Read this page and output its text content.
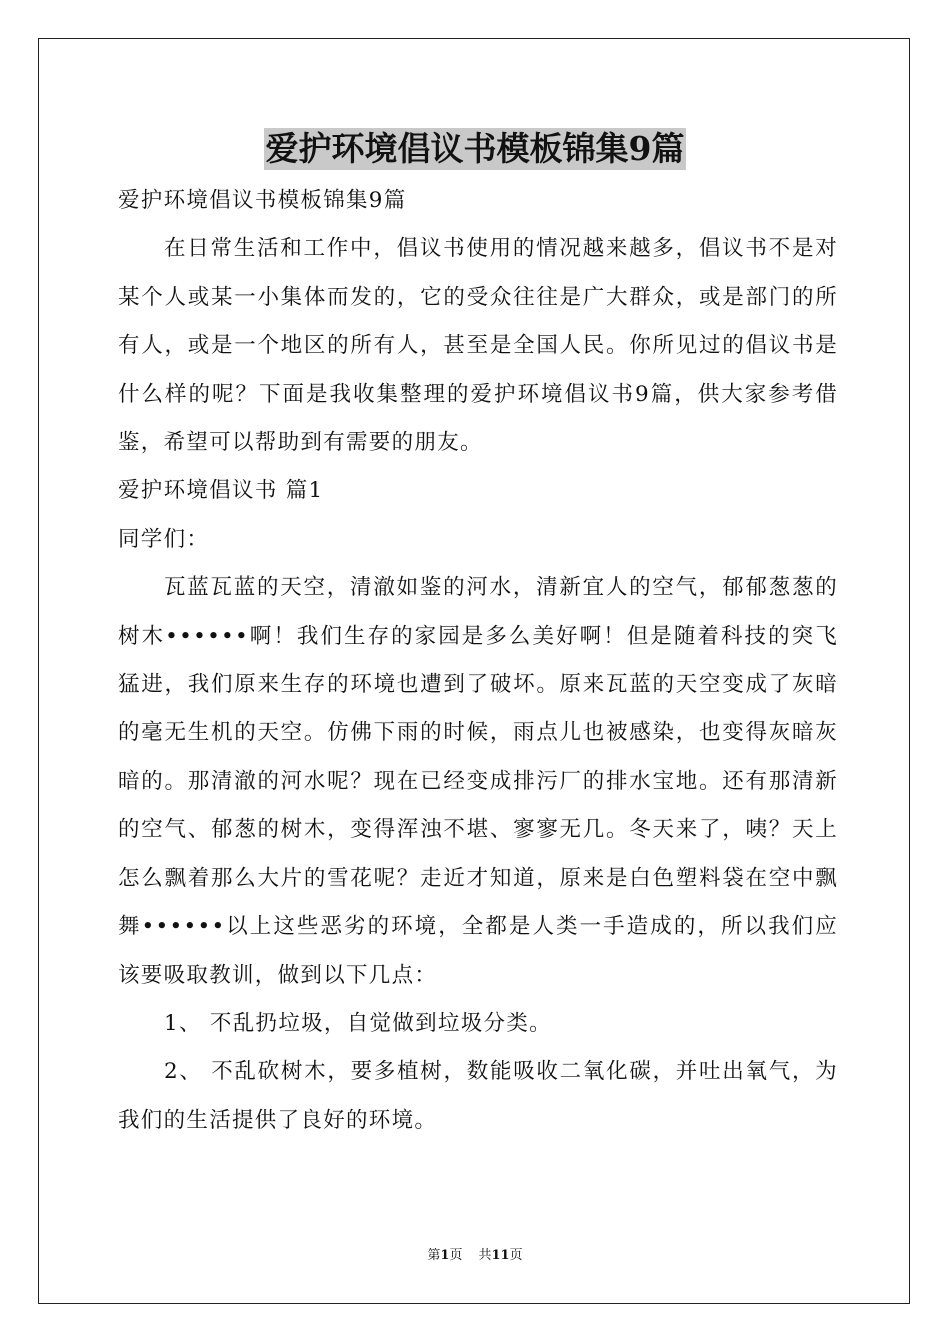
爱护环境倡议书模板锦集9篇

爱护环境倡议书模板锦集9篇

在日常生活和工作中，倡议书使用的情况越来越多，倡议书不是对某个人或某一小集体而发的，它的受众往往是广大群众，或是部门的所有人，或是一个地区的所有人，甚至是全国人民。你所见过的倡议书是什么样的呢？下面是我收集整理的爱护环境倡议书9篇，供大家参考借鉴，希望可以帮助到有需要的朋友。

爱护环境倡议书 篇1

同学们：

瓦蓝瓦蓝的天空，清澈如鉴的河水，清新宜人的空气，郁郁葱葱的树木••••••啊！我们生存的家园是多么美好啊！但是随着科技的突飞猛进，我们原来生存的环境也遭到了破坏。原来瓦蓝的天空变成了灰暗的毫无生机的天空。仿佛下雨的时候，雨点儿也被感染，也变得灰暗灰暗的。那清澈的河水呢？现在已经变成排污厂的排水宝地。还有那清新的空气、郁葱的树木，变得浑浊不堪、寥寥无几。冬天来了，咦？天上怎么飘着那么大片的雪花呢？走近才知道，原来是白色塑料袋在空中飘舞••••••以上这些恶劣的环境，全都是人类一手造成的，所以我们应该要吸取教训，做到以下几点：

1、 不乱扔垃圾，自觉做到垃圾分类。

2、 不乱砍树木，要多植树，数能吸收二氧化碳，并吐出氧气，为我们的生活提供了良好的环境。

第1页 共11页
